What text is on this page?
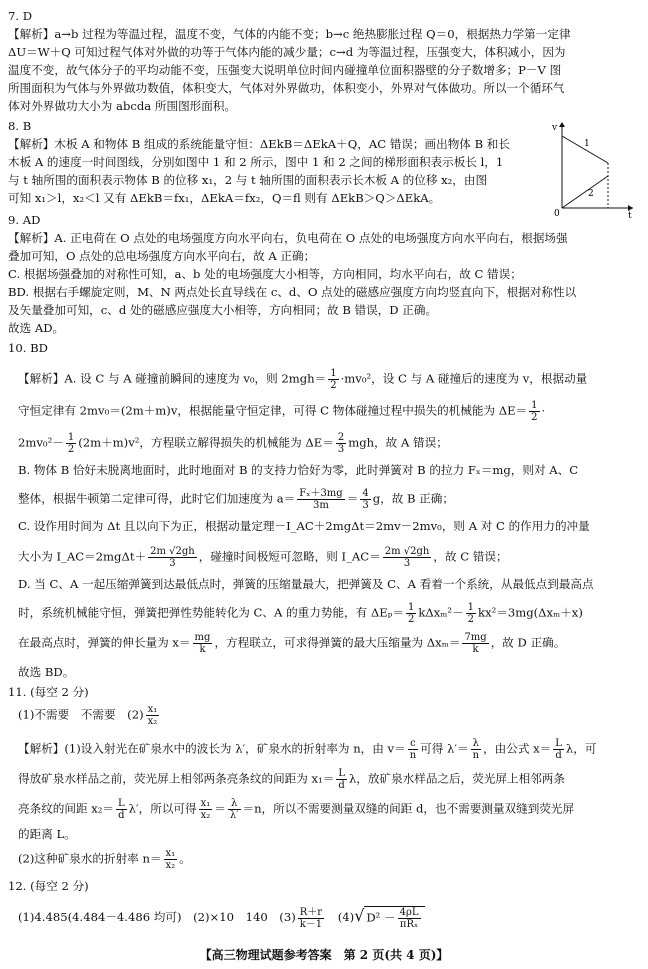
7. D
【解析】a→b 过程为等温过程，温度不变，气体的内能不变；b→c 绝热膨胀过程 Q＝0，根据热力学第一定律
ΔU＝W＋Q 可知过程气体对外做的功等于气体内能的减少量；c→d 为等温过程，压强变大，体积减小，因为
温度不变，故气体分子的平均动能不变，压强变大说明单位时间内碰撞单位面积器壁的分子数增多；P－V 图
所围面积为气体与外界做功数值，体积变大，气体对外界做功，体积变小，外界对气体做功。所以一个循环气
体对外界做功大小为 abcda 所围图形面积。
8. B
【解析】木板 A 和物体 B 组成的系统能量守恒：ΔEkB＝ΔEkA＋Q，AC 错误；画出物体 B 和长
木板 A 的速度一时间图线，分别如图中 1 和 2 所示，图中 1 和 2 之间的梯形面积表示板长 l，1
与 t 轴所围的面积表示物体 B 的位移 x₁，2 与 t 轴所围的面积表示长木板 A 的位移 x₂，由图
可知 x₁＞l，x₂＜l 又有 ΔEkB＝fx₁，ΔEkA＝fx₂，Q＝fl 则有 ΔEkB＞Q＞ΔEkA。
v
t
0
1
2
9. AD
【解析】A. 正电荷在 O 点处的电场强度方向水平向右，负电荷在 O 点处的电场强度方向水平向右，根据场强
叠加可知，O 点处的总电场强度方向水平向右，故 A 正确；
C. 根据场强叠加的对称性可知，a、b 处的电场强度大小相等，方向相同，均水平向右，故 C 错误；
BD. 根据右手螺旋定则，M、N 两点处长直导线在 c、d、O 点处的磁感应强度方向均竖直向下，根据对称性以
及矢量叠加可知，c、d 处的磁感应强度大小相等，方向相同；故 B 错误，D 正确。
故选 AD。
10. BD
【解析】A. 设 C 与 A 碰撞前瞬间的速度为 v₀，则 $2mgh= \frac{1}{2} \cdot mv_0^2$，设 C 与 A 碰撞后的速度为 v，根据动量
守恒定律有 2mv₀＝(2m＋m)v，根据能量守恒定律，可得 C 物体碰撞过程中损失的机械能为 $\Delta E= \frac{1}{2}$ ·
$2mv_0^2- \frac{1}{2} (2m+m)v^2$，方程联立解得损失的机械能为 $\Delta E= \frac{2}{3}$ mgh，故 A 错误；
B. 物体 B 恰好未脱离地面时，此时地面对 B 的支持力恰好为零，此时弹簧对 B 的拉力 Fₓ＝mg，则对 A、C
整体，根据牛顿第二定律可得，此时它们加速度为 $a= \frac{\text{Fₓ＋3mg}}{3m} = \frac{4}{3}$ g，故 B 正确；
C. 设作用时间为 Δt 且以向下为正，根据动量定理－I_AC＋2mgΔt＝2mv－2mv₀，则 A 对 C 的作用力的冲量
大小为 I_AC＝2mgΔt＋ $\frac{2m √2gh}{3}$ ，碰撞时间极短可忽略，则 I_AC＝ $\frac{2m √2gh}{3}$ ，故 C 错误；
D. 当 C、A 一起压缩弹簧到达最低点时，弹簧的压缩量最大，把弹簧及 C、A 看着一个系统，从最低点到最高点
时，系统机械能守恒，弹簧把弹性势能转化为 C、A 的重力势能，有 $\Delta E_p= \frac{1}{2} k\Delta x_m^2- \frac{1}{2} kx^2=3mg(\Delta x_m+x)$
在最高点时，弹簧的伸长量为 $x= \frac{mg}{k}$ ，方程联立，可求得弹簧的最大压缩量为 $\Delta x_m= \frac{7mg}{k}$ ，故 D 正确。
故选 BD。
11. (每空 2 分)
(1)不需要　不需要　$(2) \frac{\text{x₁}}{\text{x₂}}$
【解析】(1)设入射光在矿泉水中的波长为 λ′，矿泉水的折射率为 n，由 $v= \frac{c}{n}$ 可得 $\lambda'= \frac{\lambda}{n}$ ，由公式 $x= \frac{L}{d}$ λ，可
得放矿泉水样品之前，荧光屏上相邻两条亮条纹的间距为 $x_1= \frac{L}{d}$ λ，放矿泉水样品之后，荧光屏上相邻两条
亮条纹的间距 $x_2= \frac{L}{d} \lambda'$，所以可得 $\frac{\text{x₁}}{\text{x₂}} = \frac{\lambda}{\lambda'} =n$，所以不需要测量双缝的间距 d，也不需要测量双缝到荧光屏
的距离 L。
(2)这种矿泉水的折射率 $n= \frac{\text{x₁}}{\text{x₂}}$ 。
12. (每空 2 分)
(1)4.485(4.484－4.486 均可)　(2)×10　140　$(3) \frac{R+r}{k-1}$ 　(4)√ $D^2 - \frac{4\rho L}{\text{πRₓ}}$
【高三物理试题参考答案　第 2 页(共 4 页)】
